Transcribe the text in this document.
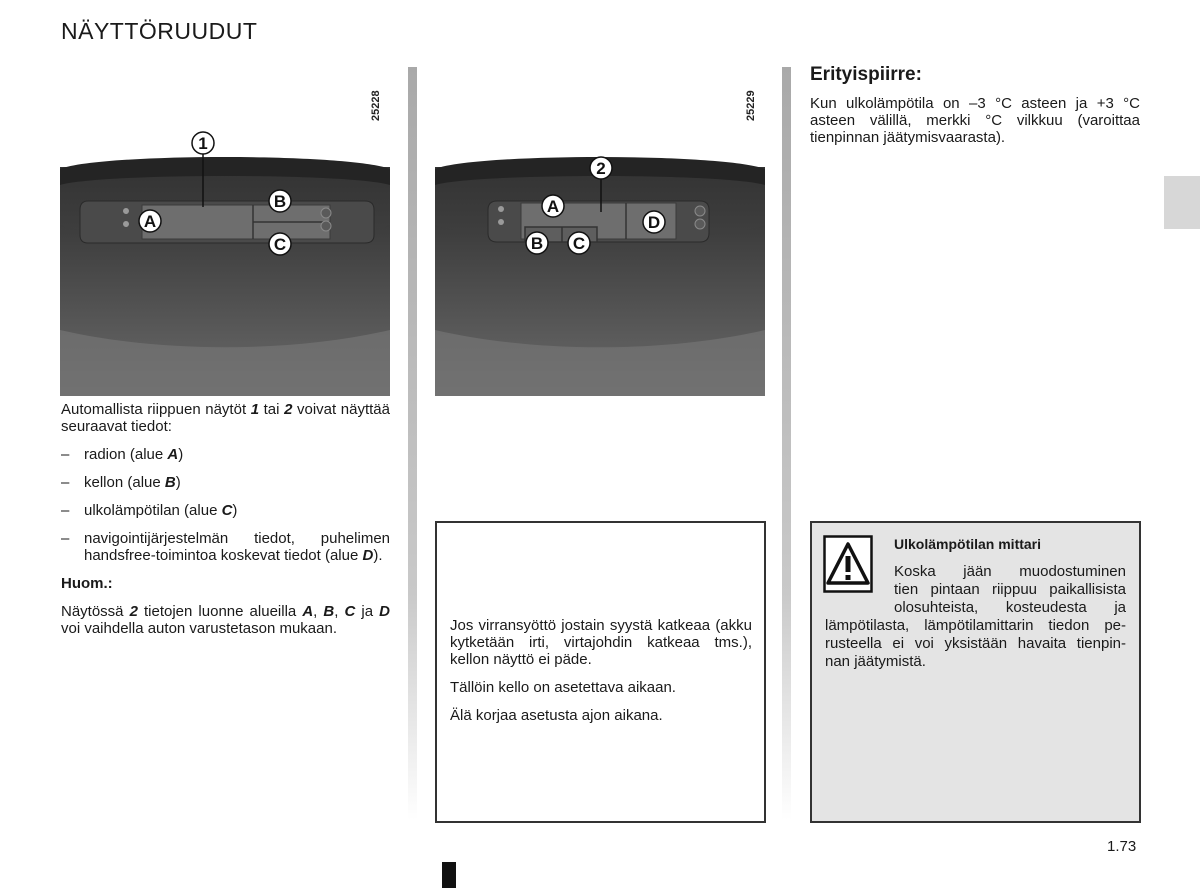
NÄYTTÖRUUDUT
25228	25229
1
A
B
C
2
A
B C
D

Automallista riippuen näytöt 1 tai 2 voivat näyttää seuraavat tiedot:

– radion (alue A)
– kellon (alue B)
– ulkolämpötilan (alue C)
– navigointijärjestelmän tiedot, puhelimen handsfree-toimintoa koskevat tiedot (alue D).

Huom.:

Näytössä 2 tietojen luonne alueilla A, B, C ja D voi vaihdella auton varustetason mukaan.	Jos virransyöttö jostain syystä katkeaa (akku kytketään irti, virtajohdin katkeaa tms.), kellon näyttö ei päde.

Tällöin kello on asetettava aikaan.

Älä korjaa asetusta ajon aikana.

Erityispiirre:

Kun ulkolämpötila on –3 °C asteen ja +3 °C asteen välillä, merkki °C vilkkuu (varoittaa tienpinnan jäätymisvaarasta).

Ulkolämpötilan mittari
Koska jään muodostuminen
tien pintaan riippuu paikallisista
olosuhteista, kosteudesta ja
lämpötilasta, lämpötilamittarin tiedon pe-
rusteella ei voi yksistään havaita tienpin-
nan jäätymistä.
1.73
